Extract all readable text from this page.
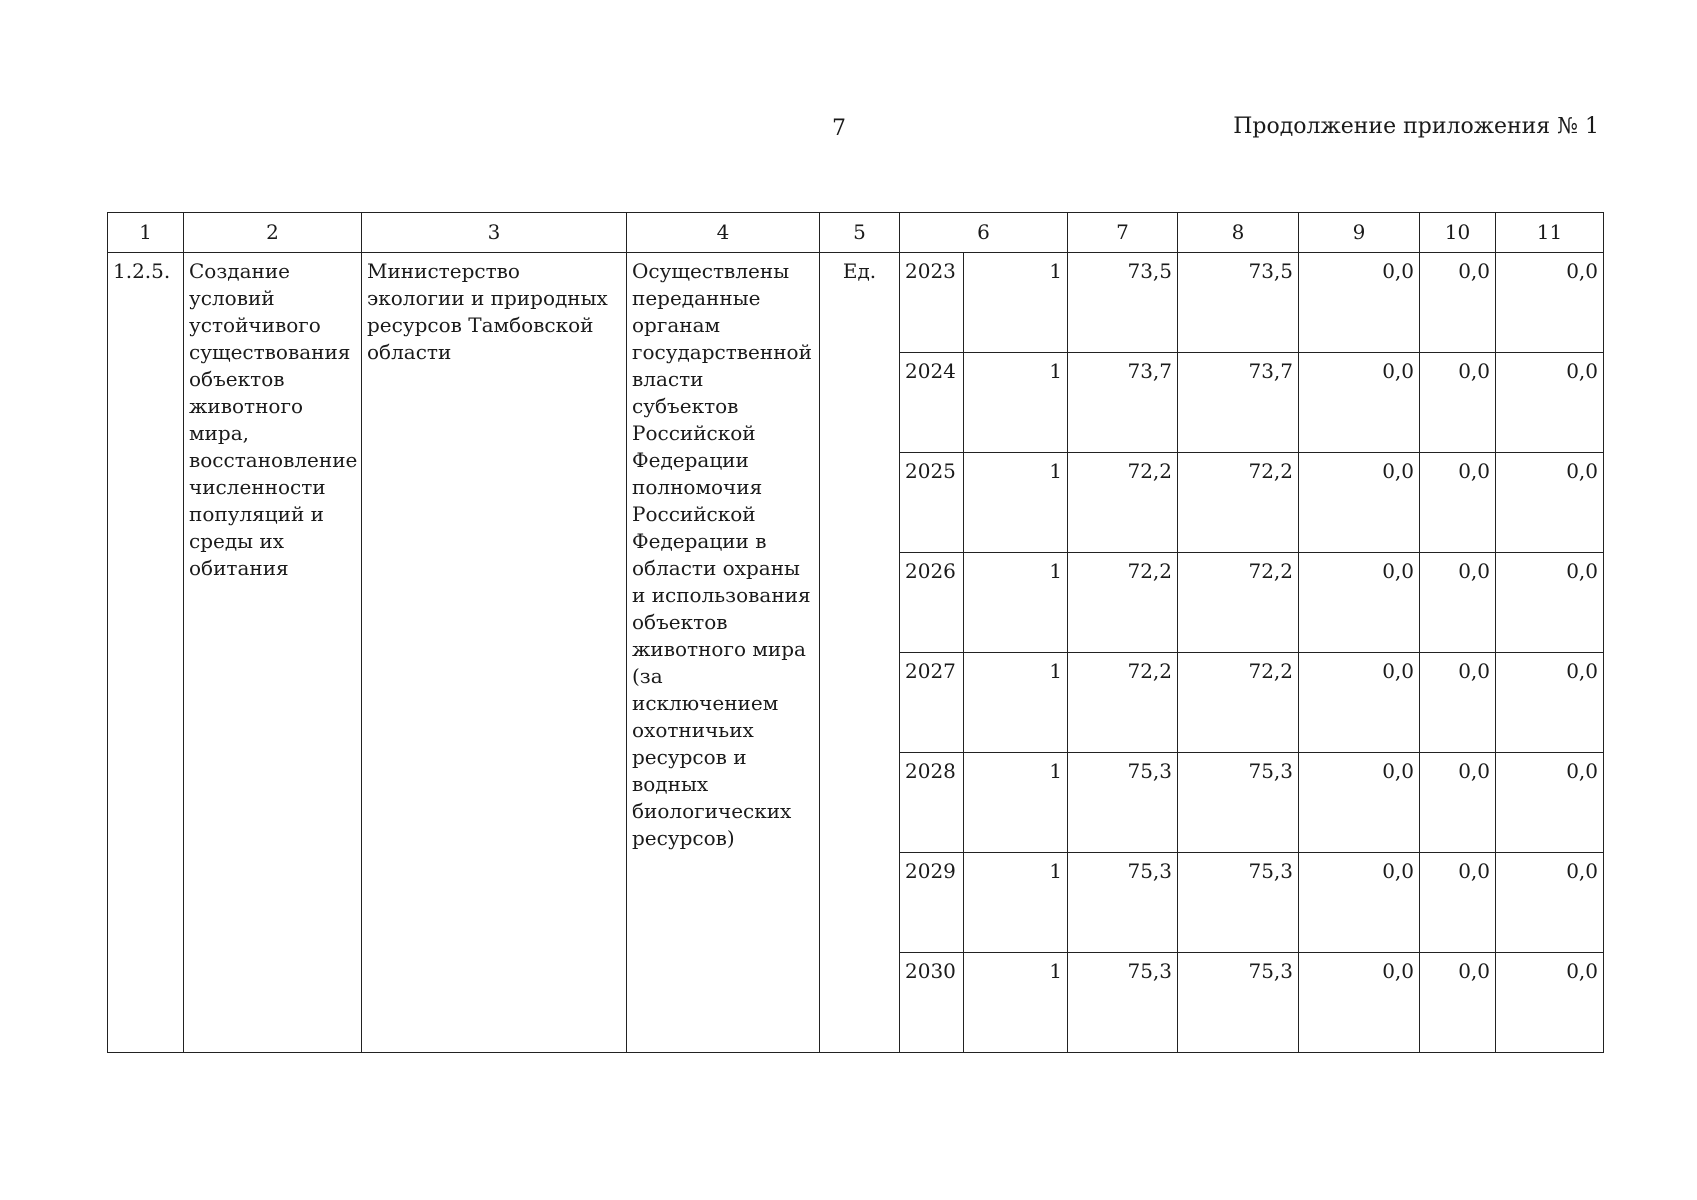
7	Продолжение приложения № 1
1	2	3	4	5	6		7	8	9	10	11
1.2.5.	Создание условий устойчивого существования объектов животного мира, восстановление численности популяций и среды их обитания	Министерство экологии и природных ресурсов Тамбовской области	Осуществлены переданные органам государственной власти субъектов Российской Федерации полномочия Российской Федерации в области охраны и использования объектов животного мира (за исключением охотничьих ресурсов и водных биологических ресурсов)	Ед.	2023	1	73,5	73,5	0,0	0,0	0,0
					2024	1	73,7	73,7	0,0	0,0	0,0
					2025	1	72,2	72,2	0,0	0,0	0,0
					2026	1	72,2	72,2	0,0	0,0	0,0
					2027	1	72,2	72,2	0,0	0,0	0,0
					2028	1	75,3	75,3	0,0	0,0	0,0
					2029	1	75,3	75,3	0,0	0,0	0,0
					2030	1	75,3	75,3	0,0	0,0	0,0
